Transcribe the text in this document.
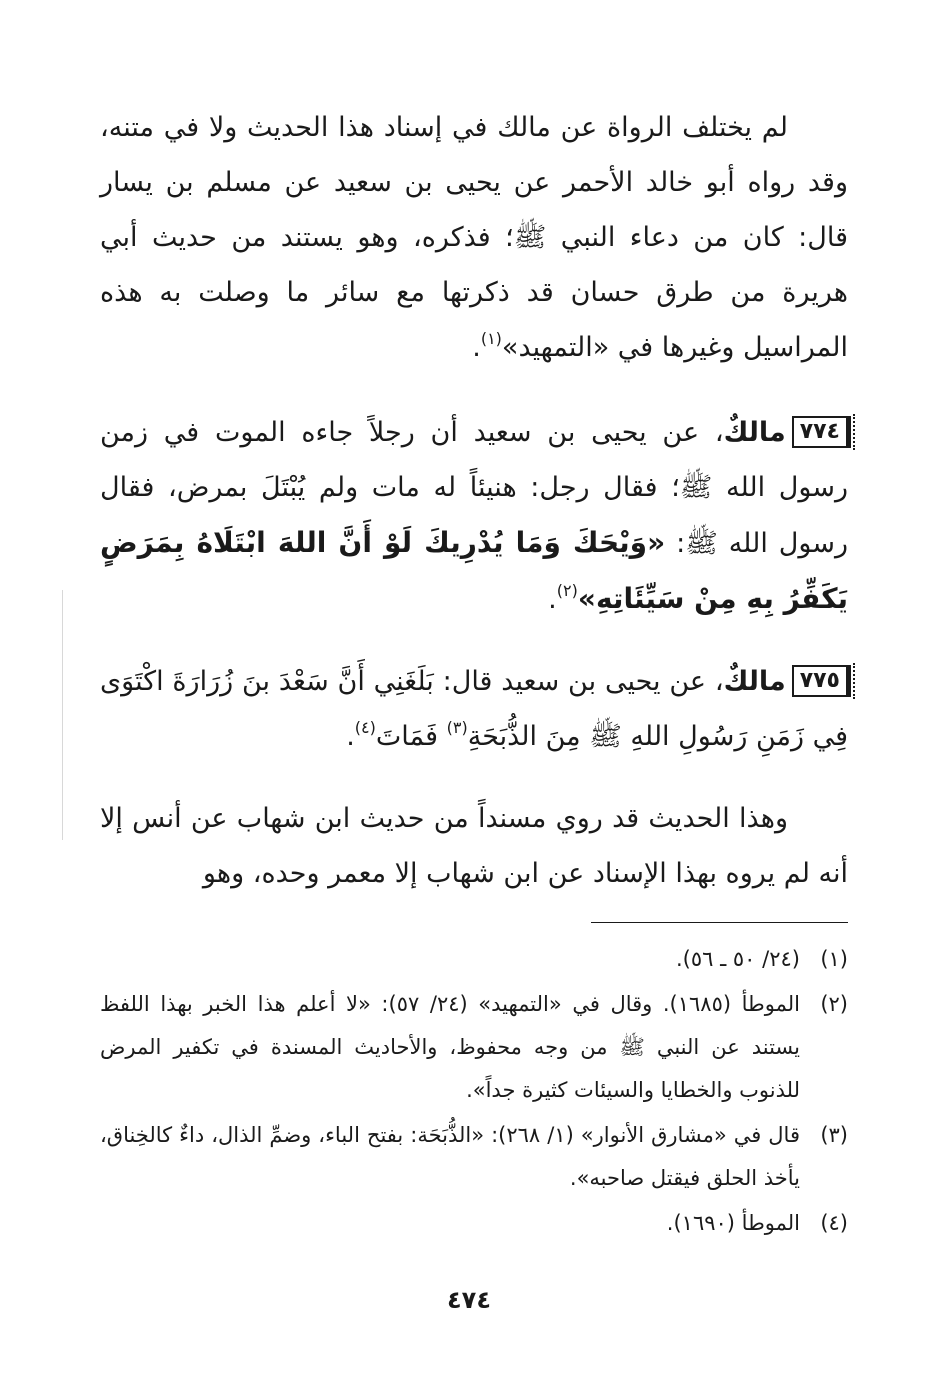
لم يختلف الرواة عن مالك في إسناد هذا الحديث ولا في متنه، وقد رواه أبو خالد الأحمر عن يحيى بن سعيد عن مسلم بن يسار قال: كان من دعاء النبي ﷺ؛ فذكره، وهو يستند من حديث أبي هريرة من طرق حسان قد ذكرتها مع سائر ما وصلت به هذه المراسيل وغيرها في «التمهيد»$^{(١)}$.

٧٧٤مالكٌ، عن يحيى بن سعيد أن رجلاً جاءه الموت في زمن رسول الله ﷺ؛ فقال رجل: هنيئاً له مات ولم يُبْتَلَ بمرض، فقال رسول الله ﷺ: «وَيْحَكَ وَمَا يُدْرِيكَ لَوْ أَنَّ اللهَ ابْتَلَاهُ بِمَرَضٍ يَكَفِّرُ بِهِ مِنْ سَيِّئَاتِهِ»$^{(٢)}$.

٧٧٥مالكٌ، عن يحيى بن سعيد قال: بَلَغَنِي أَنَّ سَعْدَ بنَ زُرَارَةَ اكْتَوَى فِي زَمَنِ رَسُولِ اللهِ ﷺ مِنَ الذُّبَحَةِ$^{(٣)}$ فَمَاتَ$^{(٤)}$.

وهذا الحديث قد روي مسنداً من حديث ابن شهاب عن أنس إلا أنه لم يروه بهذا الإسناد عن ابن شهاب إلا معمر وحده، وهو

(١)
(٢٤/ ٥٠ ـ ٥٦).
(٢)
الموطأ (١٦٨٥). وقال في «التمهيد» (٢٤/ ٥٧): «لا أعلم هذا الخبر بهذا اللفظ يستند عن النبي ﷺ من وجه محفوظ، والأحاديث المسندة في تكفير المرض للذنوب والخطايا والسيئات كثيرة جداً».
(٣)
قال في «مشارق الأنوار» (١/ ٢٦٨): «الذُّبَحَة: بفتح الباء، وضمِّ الذال، داءٌ كالخِناق، يأخذ الحلق فيقتل صاحبه».
(٤)
الموطأ (١٦٩٠).
٤٧٤
